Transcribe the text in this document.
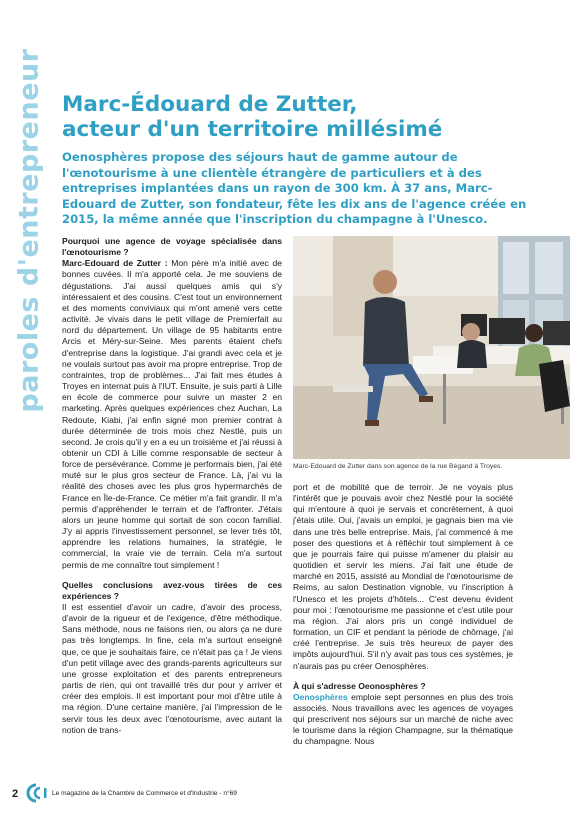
paroles d'entrepreneur Marc-Édouard de Zutter,
acteur d'un territoire millésimé
Oenosphères propose des séjours haut de gamme autour de l'œnotourisme à une clientèle étrangère de particuliers et à des entreprises implantées dans un rayon de 300 km. À 37 ans, Marc-Edouard de Zutter, son fondateur, fête les dix ans de l'agence créée en 2015, la même année que l'inscription du champagne à l'Unesco.
Pourquoi une agence de voyage spécialisée dans l'œnotourisme ?
Marc-Edouard de Zutter : Mon père m'a initié avec de bonnes cuvées. Il m'a apporté cela. Je me souviens de dégustations. J'ai aussi quelques amis qui s'y intéressaient et des cousins. C'est tout un environnement et des moments conviviaux qui m'ont amené vers cette activité. Je vivais dans le petit village de Premierfait au nord du département. Un village de 95 habitants entre Arcis et Méry-sur-Seine. Mes parents étaient chefs d'entreprise dans la logistique. J'ai grandi avec cela et je ne voulais surtout pas avoir ma propre entreprise. Trop de contraintes, trop de problèmes... J'ai fait mes études à Troyes en internat puis à l'IUT. Ensuite, je suis parti à Lille en école de commerce pour suivre un master 2 en marketing. Après quelques expériences chez Auchan, La Redoute, Kiabi, j'ai enfin signé mon premier contrat à durée déterminée de trois mois chez Nestlé, puis un second. Je crois qu'il y en a eu un troisième et j'ai réussi à obtenir un CDI à Lille comme responsable de secteur à force de persévérance. Comme je performais bien, j'ai été muté sur le plus gros secteur de France. Là, j'ai vu la réalité des choses avec les plus gros hypermarchés de France en Île-de-France. Ce métier m'a fait grandir. Il m'a permis d'appréhender le terrain et de l'affronter. J'étais alors un jeune homme qui sortait de son cocon familial. J'y ai appris l'investissement personnel, se lever très tôt, apprendre les relations humaines, la stratégie, le commercial, la vraie vie de terrain. Cela m'a surtout permis de me connaître tout simplement !
Quelles conclusions avez-vous tirées de ces expériences ?
Il est essentiel d'avoir un cadre, d'avoir des process, d'avoir de la rigueur et de l'exigence, d'être méthodique. Sans méthode, nous ne faisons rien, ou alors ça ne dure pas très longtemps. In fine, cela m'a surtout enseigné que, ce que je souhaitais faire, ce n'était pas ça ! Je viens d'un petit village avec des grands-parents agriculteurs sur une grosse exploitation et des parents entrepreneurs partis de rien, qui ont travaillé très dur pour y arriver et créer des emplois. Il est important pour moi d'être utile à ma région. D'une certaine manière, j'ai l'impression de le servir tous les deux avec l'œnotourisme, avec autant la notion de trans-
Marc-Edouard de Zutter dans son agence de la rue Bégand à Troyes.
port et de mobilité que de terroir. Je ne voyais plus l'intérêt que je pouvais avoir chez Nestlé pour la société qui m'entoure à quoi je servais et concrètement, à quoi j'étais utile. Oui, j'avais un emploi, je gagnais bien ma vie dans une très belle entreprise. Mais, j'ai commencé à me poser des questions et à réfléchir tout simplement à ce que je pourrais faire qui puisse m'amener du plaisir au quotidien et servir les miens. J'ai fait une étude de marché en 2015, assisté au Mondial de l'œnotourisme de Reims, au salon Destination vignoble, vu l'inscription à l'Unesco et les projets d'hôtels... C'est devenu évident pour moi : l'œnotourisme me passionne et c'est utile pour ma région. J'ai alors pris un congé individuel de formation, un CIF et pendant la période de chômage, j'ai créé l'entreprise. Je suis très heureux de payer des impôts aujourd'hui. S'il n'y avait pas tous ces systèmes, je n'aurais pas pu créer Oenosphères.
À qui s'adresse Oeonosphères ?
Oenosphères emploie sept personnes en plus des trois associés. Nous travaillons avec les agences de voyages qui prescrivent nos séjours sur un marché de niche avec le tourisme dans la région Champagne, sur la thématique du champagne. Nous
2	Le magazine de la Chambre de Commerce et d'Industrie - n°69
